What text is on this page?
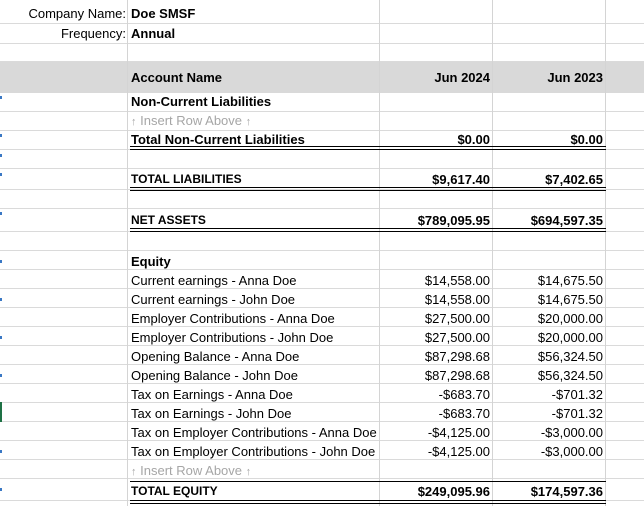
Company Name: Doe SMSF
Frequency: Annual
Account Name	Jun 2024	Jun 2023
Non-Current Liabilities
↑ Insert Row Above ↑
Total Non-Current Liabilities	$0.00	$0.00
TOTAL LIABILITIES	$9,617.40	$7,402.65
NET ASSETS	$789,095.95	$694,597.35
Equity
Current earnings - Anna Doe	$14,558.00	$14,675.50
Current earnings - John Doe	$14,558.00	$14,675.50
Employer Contributions - Anna Doe	$27,500.00	$20,000.00
Employer Contributions - John Doe	$27,500.00	$20,000.00
Opening Balance - Anna Doe	$87,298.68	$56,324.50
Opening Balance - John Doe	$87,298.68	$56,324.50
Tax on Earnings - Anna Doe	-$683.70	-$701.32
Tax on Earnings - John Doe	-$683.70	-$701.32
Tax on Employer Contributions - Anna Doe	-$4,125.00	-$3,000.00
Tax on Employer Contributions - John Doe	-$4,125.00	-$3,000.00
↑ Insert Row Above ↑
TOTAL EQUITY	$249,095.96	$174,597.36
